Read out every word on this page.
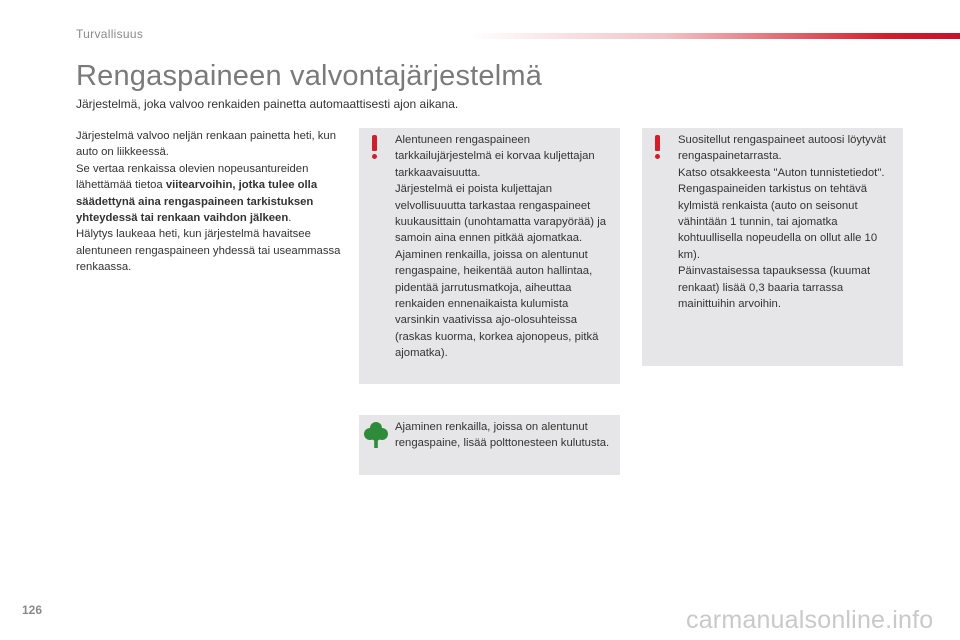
Turvallisuus
Rengaspaineen valvontajärjestelmä
Järjestelmä, joka valvoo renkaiden painetta automaattisesti ajon aikana.

Järjestelmä valvoo neljän renkaan painetta heti, kun auto on liikkeessä.

Se vertaa renkaissa olevien nopeusantureiden lähettämää tietoa viitearvoihin, jotka tulee olla säädettynä aina rengaspaineen tarkistuksen yhteydessä tai renkaan vaihdon jälkeen.

Hälytys laukeaa heti, kun järjestelmä havaitsee alentuneen rengaspaineen yhdessä tai useammassa renkaassa.

Alentuneen rengaspaineen tarkkailujärjestelmä ei korvaa kuljettajan tarkkaavaisuutta.

Järjestelmä ei poista kuljettajan velvollisuuutta tarkastaa rengaspaineet kuukausittain (unohtamatta varapyörää) ja samoin aina ennen pitkää ajomatkaa.

Ajaminen renkailla, joissa on alentunut rengaspaine, heikentää auton hallintaa, pidentää jarrutusmatkoja, aiheuttaa renkaiden ennenaikaista kulumista varsinkin vaativissa ajo-olosuhteissa (raskas kuorma, korkea ajonopeus, pitkä ajomatka).

Suositellut rengaspaineet autoosi löytyvät rengaspainetarrasta.

Katso otsakkeesta "Auton tunnistetiedot".

Rengaspaineiden tarkistus on tehtävä kylmistä renkaista (auto on seisonut vähintään 1 tunnin, tai ajomatka kohtuullisella nopeudella on ollut alle 10 km).

Päinvastaisessa tapauksessa (kuumat renkaat) lisää 0,3 baaria tarrassa mainittuihin arvoihin.

Ajaminen renkailla, joissa on alentunut rengaspaine, lisää polttonesteen kulutusta.

126	carmanualsonline.info
